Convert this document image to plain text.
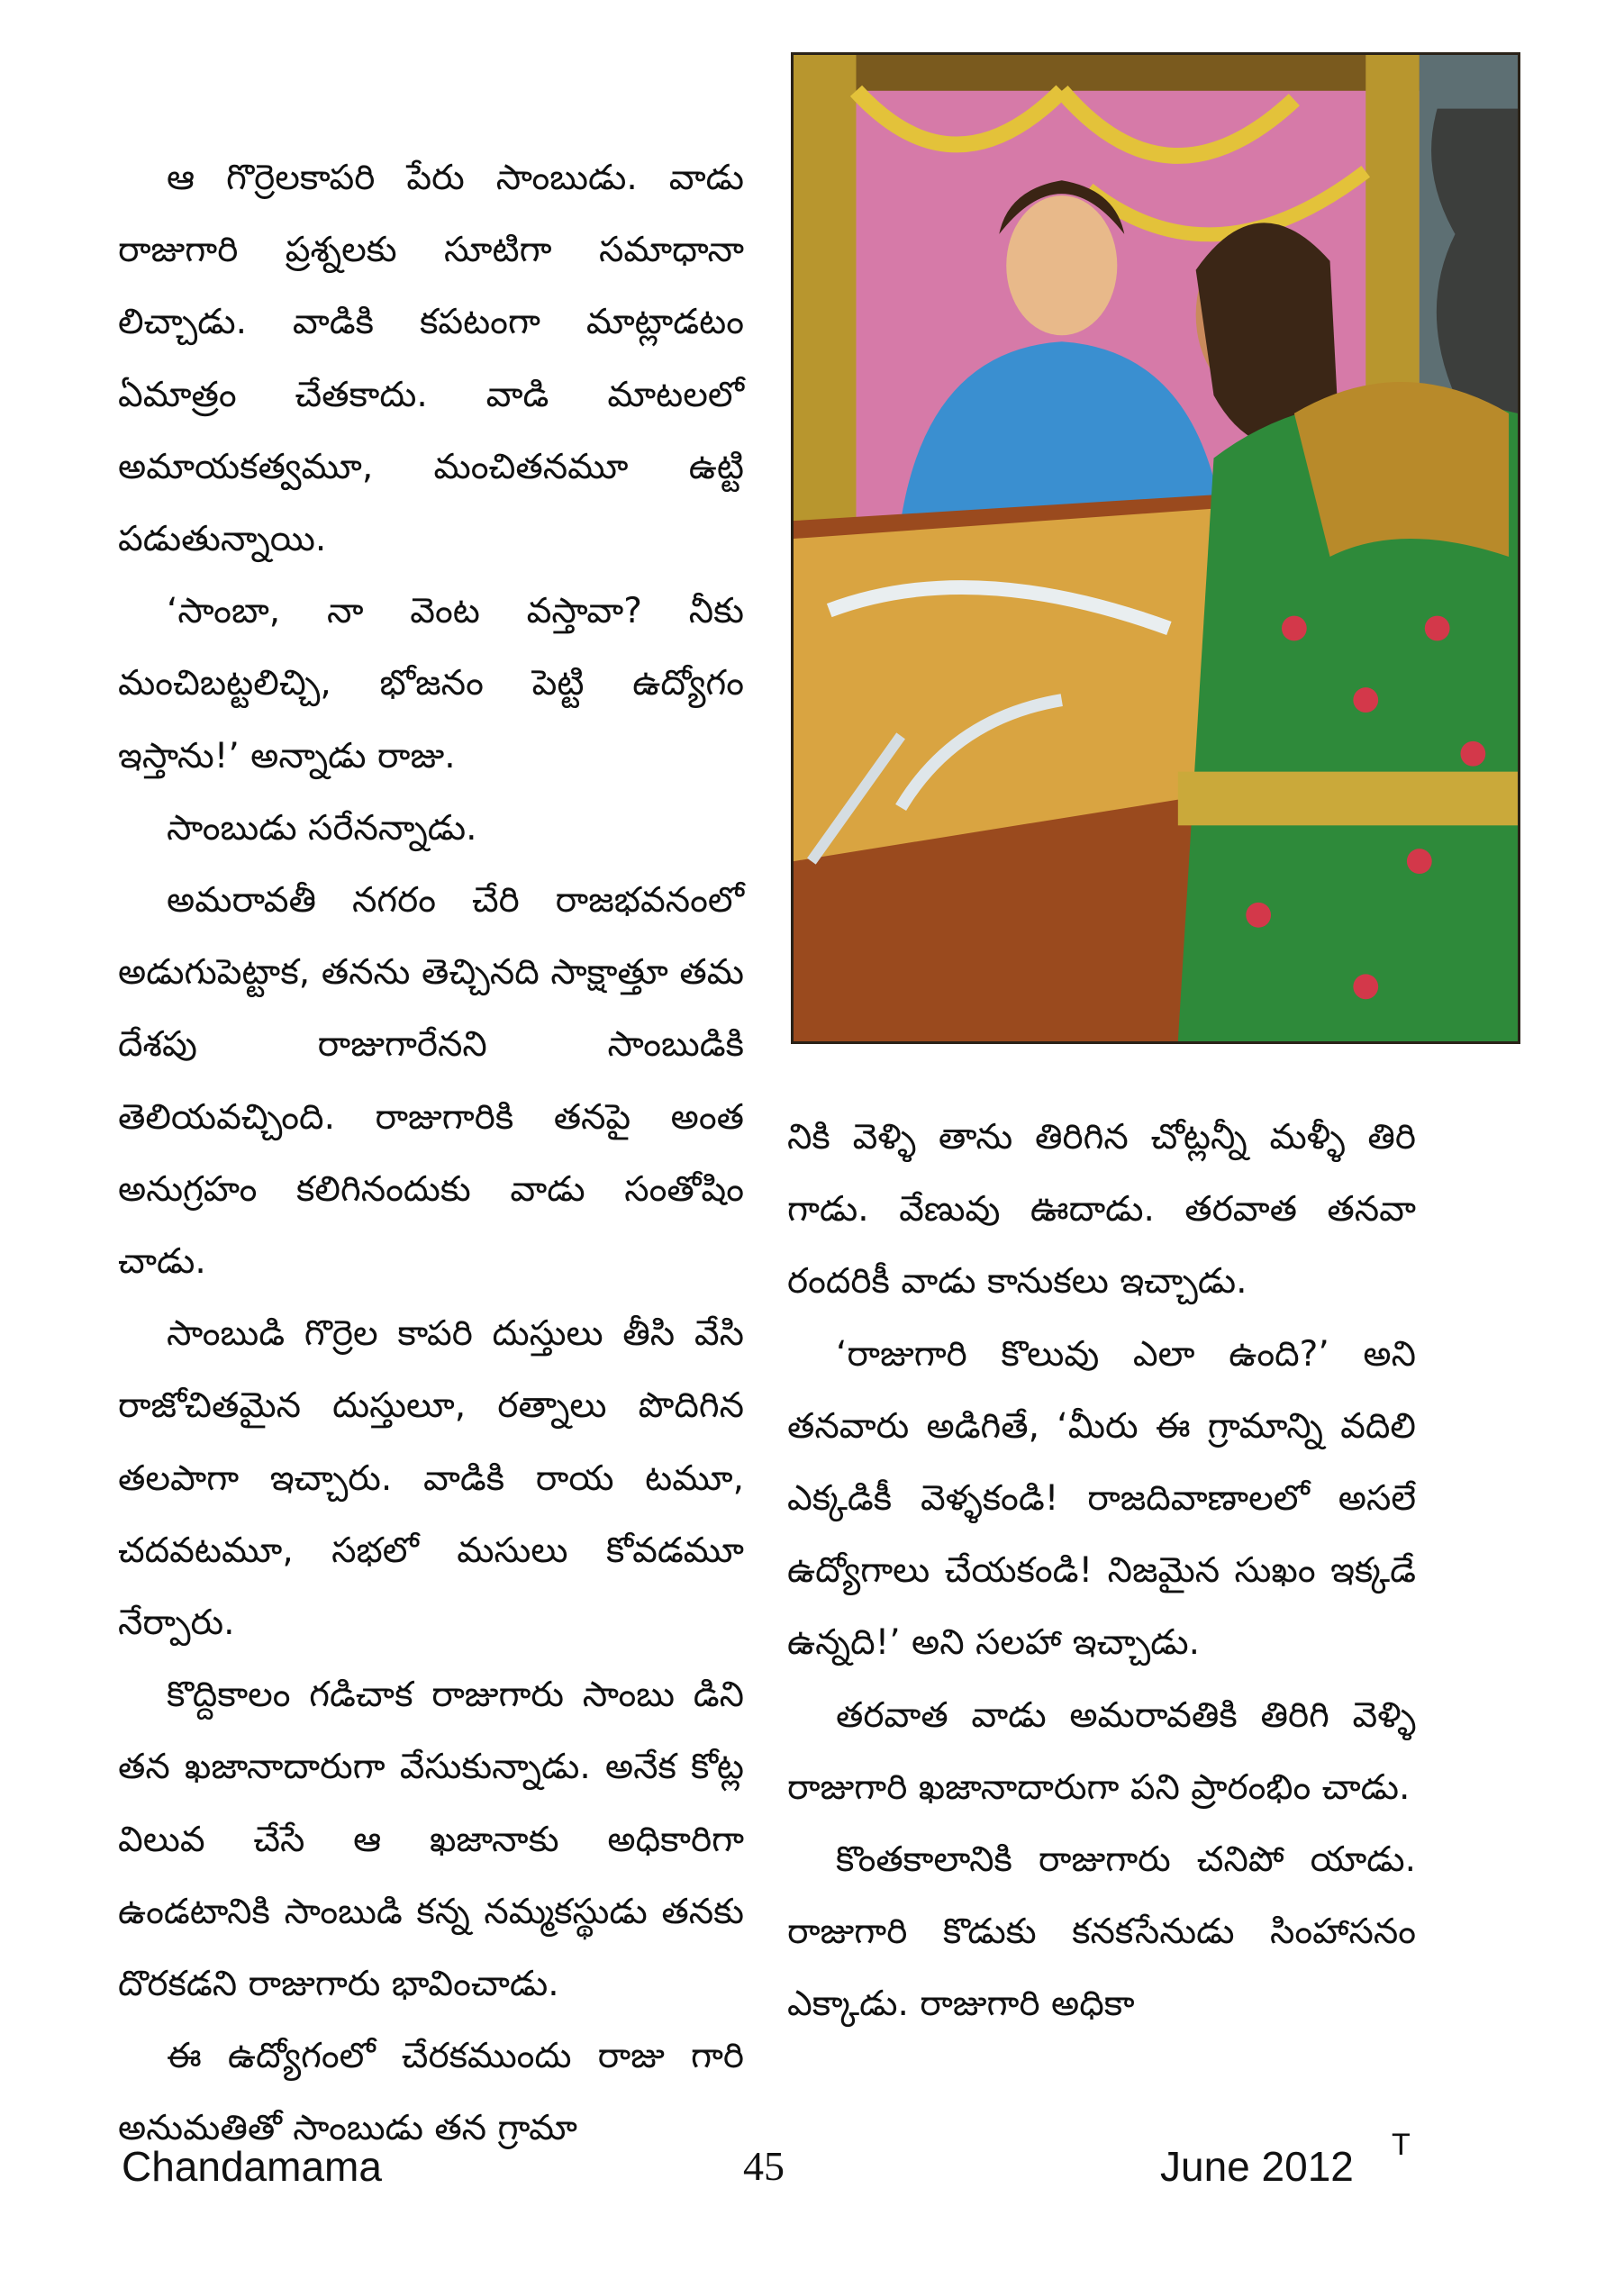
ఆ గొర్రెలకాపరి పేరు సాంబుడు. వాడు రాజుగారి ప్రశ్నలకు సూటిగా సమాధానా లిచ్చాడు. వాడికి కపటంగా మాట్లాడటం ఏమాత్రం చేతకాదు. వాడి మాటలలో అమాయకత్వమూ, మంచితనమూ ఉట్టి పడుతున్నాయి.

‘సాంబా, నా వెంట వస్తావా? నీకు మంచిబట్టలిచ్చి, భోజనం పెట్టి ఉద్యోగం ఇస్తాను!’ అన్నాడు రాజు.

సాంబుడు సరేనన్నాడు.

అమరావతీ నగరం చేరి రాజభవనంలో అడుగుపెట్టాక, తనను తెచ్చినది సాక్షాత్తూ తమ దేశపు రాజుగారేనని సాంబుడికి తెలియవచ్చింది. రాజుగారికి తనపై అంత అనుగ్రహం కలిగినందుకు వాడు సంతోషిం చాడు.

సాంబుడి గొర్రెల కాపరి దుస్తులు తీసి వేసి రాజోచితమైన దుస్తులూ, రత్నాలు పొదిగిన తలపాగా ఇచ్చారు. వాడికి రాయ టమూ, చదవటమూ, సభలో మసులు కోవడమూ నేర్పారు.

కొద్దికాలం గడిచాక రాజుగారు సాంబు డిని తన ఖజానాదారుగా వేసుకున్నాడు. అనేక కోట్ల విలువ చేసే ఆ ఖజానాకు అధికారిగా ఉండటానికి సాంబుడి కన్న నమ్మకస్థుడు తనకు దొరకడని రాజుగారు భావించాడు.

ఈ ఉద్యోగంలో చేరకముందు రాజు గారి అనుమతితో సాంబుడు తన గ్రామా

నికి వెళ్ళి తాను తిరిగిన చోట్లన్నీ మళ్ళీ తిరి గాడు. వేణువు ఊదాడు. తరవాత తనవా రందరికీ వాడు కానుకలు ఇచ్చాడు.

‘రాజుగారి కొలువు ఎలా ఉంది?’ అని తనవారు అడిగితే, ‘మీరు ఈ గ్రామాన్ని వదిలి ఎక్కడికీ వెళ్ళకండి! రాజదివాణాలలో అసలే ఉద్యోగాలు చేయకండి! నిజమైన సుఖం ఇక్కడే ఉన్నది!’ అని సలహా ఇచ్చాడు.

తరవాత వాడు అమరావతికి తిరిగి వెళ్ళి రాజుగారి ఖజానాదారుగా పని ప్రారంభిం చాడు.

కొంతకాలానికి రాజుగారు చనిపో యాడు. రాజుగారి కొడుకు కనకసేనుడు సింహాసనం ఎక్కాడు. రాజుగారి అధికా

Chandamama	45	June 2012 T
